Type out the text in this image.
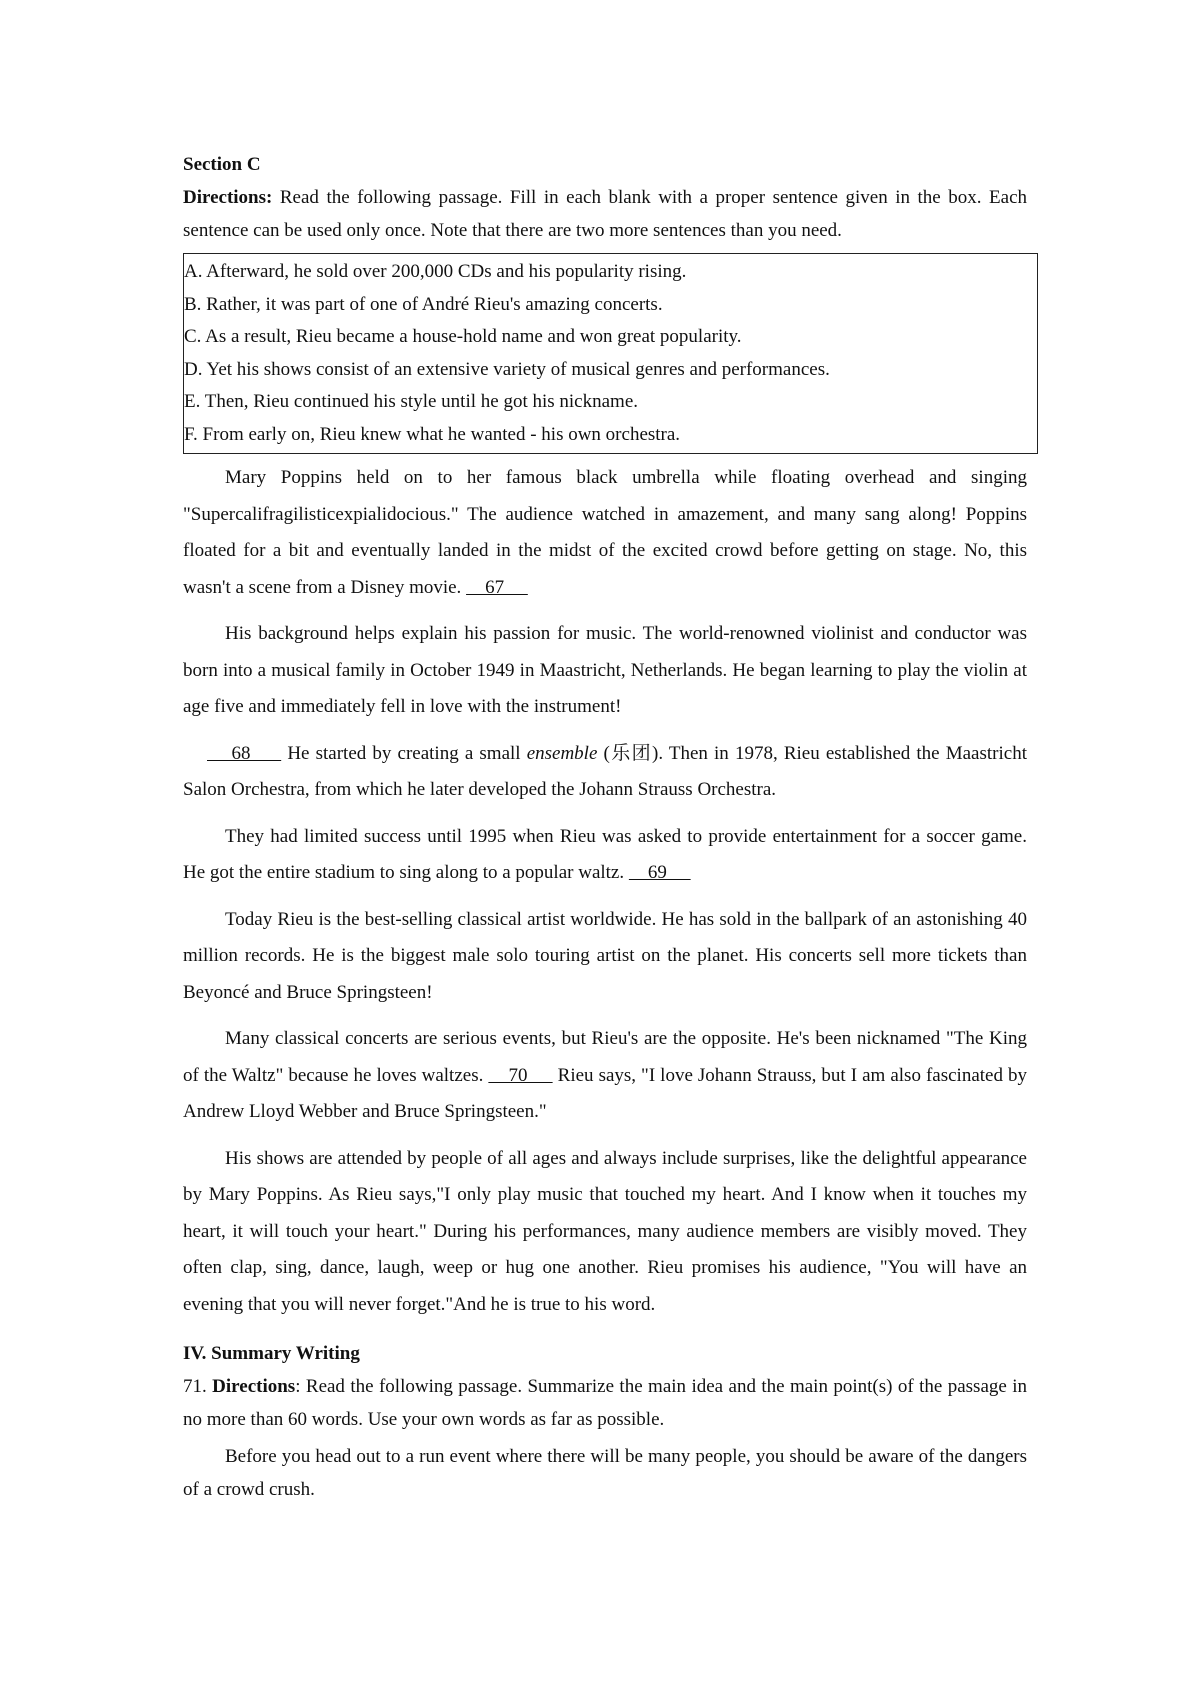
Section C

Directions: Read the following passage. Fill in each blank with a proper sentence given in the box. Each sentence can be used only once. Note that there are two more sentences than you need.

A. Afterward, he sold over 200,000 CDs and his popularity rising.

B. Rather, it was part of one of André Rieu's amazing concerts.

C. As a result, Rieu became a house-hold name and won great popularity.

D. Yet his shows consist of an extensive variety of musical genres and performances.

E. Then, Rieu continued his style until he got his nickname.

F. From early on, Rieu knew what he wanted - his own orchestra.

Mary Poppins held on to her famous black umbrella while floating overhead and singing "Supercalifragilisticexpialidocious." The audience watched in amazement, and many sang along! Poppins floated for a bit and eventually landed in the midst of the excited crowd before getting on stage. No, this wasn't a scene from a Disney movie.     67

His background helps explain his passion for music. The world-renowned violinist and conductor was born into a musical family in October 1949 in Maastricht, Netherlands. He began learning to play the violin at age five and immediately fell in love with the instrument!

68      He started by creating a small ensemble (乐团). Then in 1978, Rieu established the Maastricht Salon Orchestra, from which he later developed the Johann Strauss Orchestra.

They had limited success until 1995 when Rieu was asked to provide entertainment for a soccer game. He got the entire stadium to sing along to a popular waltz.     69

Today Rieu is the best-selling classical artist worldwide. He has sold in the ballpark of an astonishing 40 million records. He is the biggest male solo touring artist on the planet. His concerts sell more tickets than Beyoncé and Bruce Springsteen!

Many classical concerts are serious events, but Rieu's are the opposite. He's been nicknamed "The King of the Waltz" because he loves waltzes.     70      Rieu says, "I love Johann Strauss, but I am also fascinated by Andrew Lloyd Webber and Bruce Springsteen."

His shows are attended by people of all ages and always include surprises, like the delightful appearance by Mary Poppins. As Rieu says,"I only play music that touched my heart. And I know when it touches my heart, it will touch your heart." During his performances, many audience members are visibly moved. They often clap, sing, dance, laugh, weep or hug one another. Rieu promises his audience, "You will have an evening that you will never forget."And he is true to his word.

IV. Summary Writing

71. Directions: Read the following passage. Summarize the main idea and the main point(s) of the passage in no more than 60 words. Use your own words as far as possible.

Before you head out to a run event where there will be many people, you should be aware of the dangers of a crowd crush.
